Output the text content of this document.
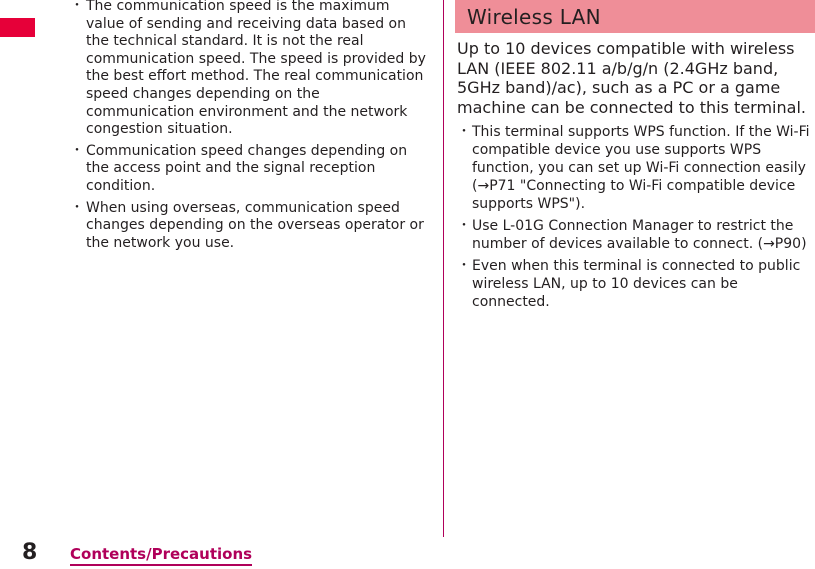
・ The communication speed is the maximum value of sending and receiving data based on the technical standard. It is not the real communication speed. The speed is provided by the best effort method. The real communication speed changes depending on the communication environment and the network congestion situation.
・ Communication speed changes depending on the access point and the signal reception condition.
・ When using overseas, communication speed changes depending on the overseas operator or the network you use.
Wireless LAN

Up to 10 devices compatible with wireless LAN (IEEE 802.11 a/b/g/n (2.4GHz band, 5GHz band)/ac), such as a PC or a game machine can be connected to this terminal.

・ This terminal supports WPS function. If the Wi-Fi compatible device you use supports WPS function, you can set up Wi-Fi connection easily (→P71 "Connecting to Wi-Fi compatible device supports WPS").
・ Use L-01G Connection Manager to restrict the number of devices available to connect. (→P90)
・ Even when this terminal is connected to public wireless LAN, up to 10 devices can be connected.
8 Contents/Precautions
